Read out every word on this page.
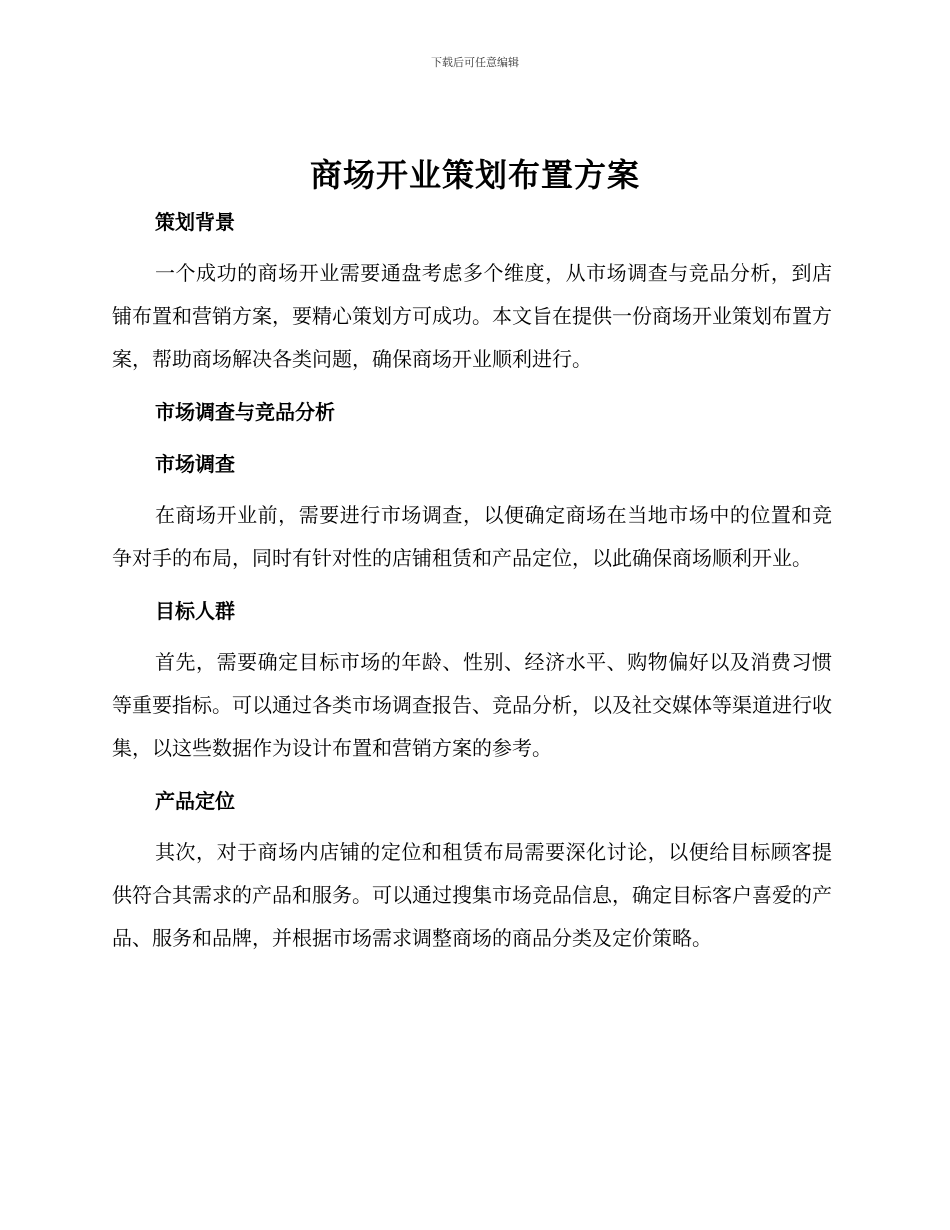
下载后可任意编辑
商场开业策划布置方案

策划背景

一个成功的商场开业需要通盘考虑多个维度，从市场调查与竞品分析，到店铺布置和营销方案，要精心策划方可成功。本文旨在提供一份商场开业策划布置方案，帮助商场解决各类问题，确保商场开业顺利进行。

市场调查与竞品分析

市场调查

在商场开业前，需要进行市场调查，以便确定商场在当地市场中的位置和竞争对手的布局，同时有针对性的店铺租赁和产品定位，以此确保商场顺利开业。

目标人群

首先，需要确定目标市场的年龄、性别、经济水平、购物偏好以及消费习惯等重要指标。可以通过各类市场调查报告、竞品分析，以及社交媒体等渠道进行收集，以这些数据作为设计布置和营销方案的参考。

产品定位

其次，对于商场内店铺的定位和租赁布局需要深化讨论，以便给目标顾客提供符合其需求的产品和服务。可以通过搜集市场竞品信息，确定目标客户喜爱的产品、服务和品牌，并根据市场需求调整商场的商品分类及定价策略。
